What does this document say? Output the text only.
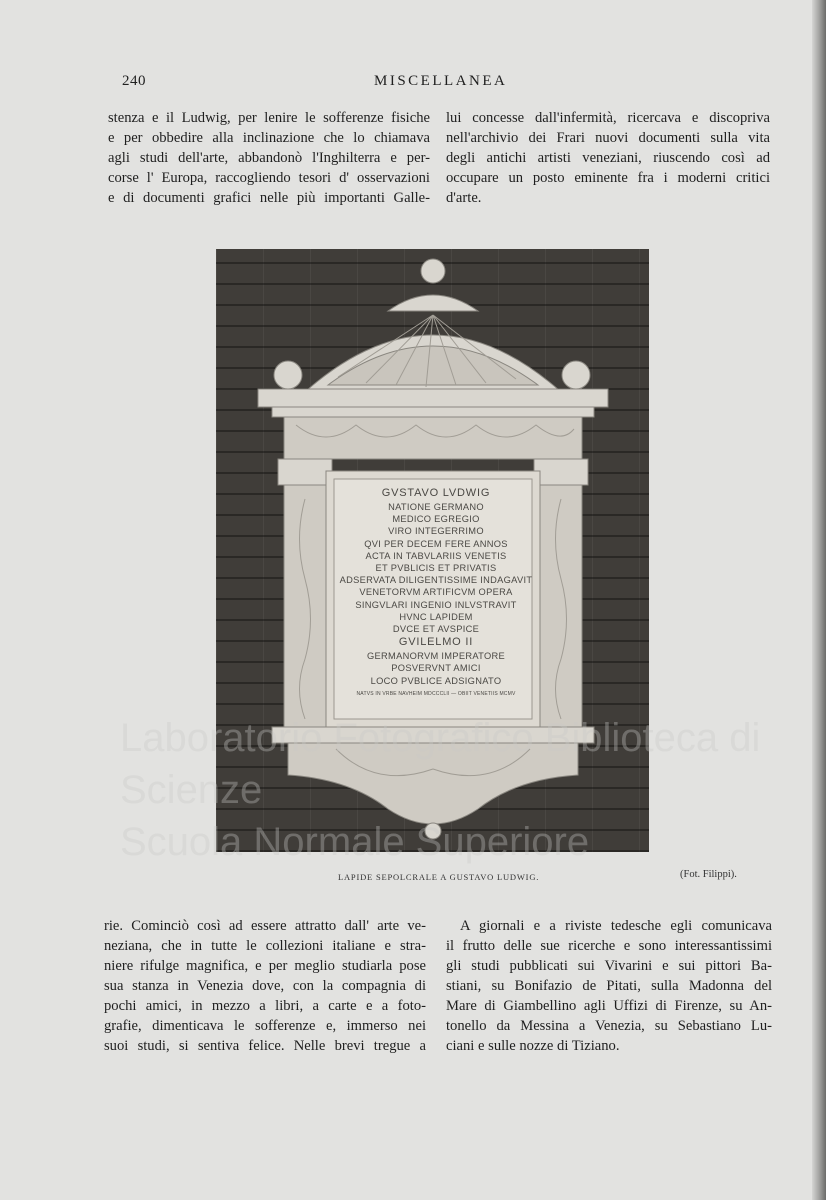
240	MISCELLANEA
stenza e il Ludwig, per lenire le sofferenze fisiche
e per obbedire alla inclinazione che lo chiamava
agli studi dell'arte, abbandonò l'Inghilterra e per-
corse l' Europa, raccogliendo tesori d' osservazioni
e di documenti grafici nelle più importanti Galle-
lui concesse dall'infermità, ricercava e discopriva
nell'archivio dei Frari nuovi documenti sulla vita
degli antichi artisti veneziani, riuscendo così ad
occupare un posto eminente fra i moderni critici
d'arte.
GVSTAVO LVDWIG
NATIONE GERMANO
MEDICO EGREGIO
VIRO INTEGERRIMO
QVI PER DECEM FERE ANNOS
ACTA IN TABVLARIIS VENETIS
ET PVBLICIS ET PRIVATIS
ADSERVATA DILIGENTISSIME INDAGAVIT
VENETORVM ARTIFICVM OPERA
SINGVLARI INGENIO INLVSTRAVIT
HVNC LAPIDEM
DVCE ET AVSPICE
GVILELMO II
GERMANORVM IMPERATORE
POSVERVNT AMICI
LOCO PVBLICE ADSIGNATO
NATVS IN VRBE NAVHEIM MDCCCLII — OBIIT VENETIIS MCMV
LAPIDE SEPOLCRALE A GUSTAVO LUDWIG.	(Fot. Filippi).
Laboratorio Fotografico Biblioteca di Scienze
Scuola Normale Superiore
rie. Cominciò così ad essere attratto dall' arte ve-
neziana, che in tutte le collezioni italiane e stra-
niere rifulge magnifica, e per meglio studiarla pose
sua stanza in Venezia dove, con la compagnia di
pochi amici, in mezzo a libri, a carte e a foto-
grafie, dimenticava le sofferenze e, immerso nei
suoi studi, si sentiva felice. Nelle brevi tregue a
A giornali e a riviste tedesche egli comunicava
il frutto delle sue ricerche e sono interessantissimi
gli studi pubblicati sui Vivarini e sui pittori Ba-
stiani, su Bonifazio de Pitati, sulla Madonna del
Mare di Giambellino agli Uffizi di Firenze, su An-
tonello da Messina a Venezia, su Sebastiano Lu-
ciani e sulle nozze di Tiziano.
